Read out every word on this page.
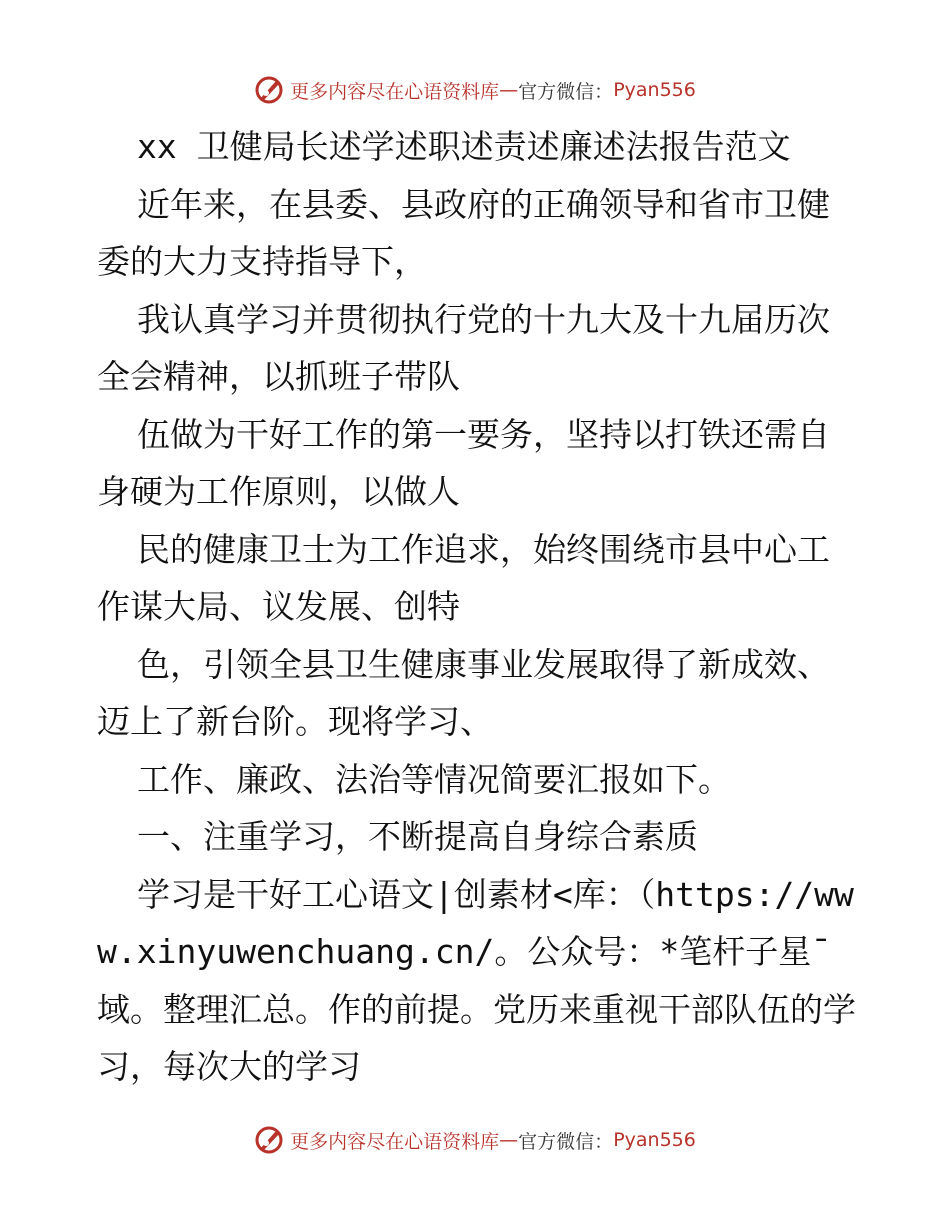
更多内容尽在心语资料库 — 官方微信： Pyan556

xx 卫健局长述学述职述责述廉述法报告范文

近年来，在县委、县政府的正确领导和省市卫健委的大力支持指导下，

我认真学习并贯彻执行党的十九大及十九届历次全会精神，以抓班子带队

伍做为干好工作的第一要务，坚持以打铁还需自身硬为工作原则，以做人

民的健康卫士为工作追求，始终围绕市县中心工作谋大局、议发展、创特

色，引领全县卫生健康事业发展取得了新成效、迈上了新台阶。现将学习、

工作、廉政、法治等情况简要汇报如下。

一、注重学习，不断提高自身综合素质

学习是干好工心语文|创素材<库：（https://www.xinyuwenchuang.cn/。公众号：*笔杆子星¯域。整理汇总。作的前提。党历来重视干部队伍的学习，每次大的学习

更多内容尽在心语资料库 — 官方微信： Pyan556
